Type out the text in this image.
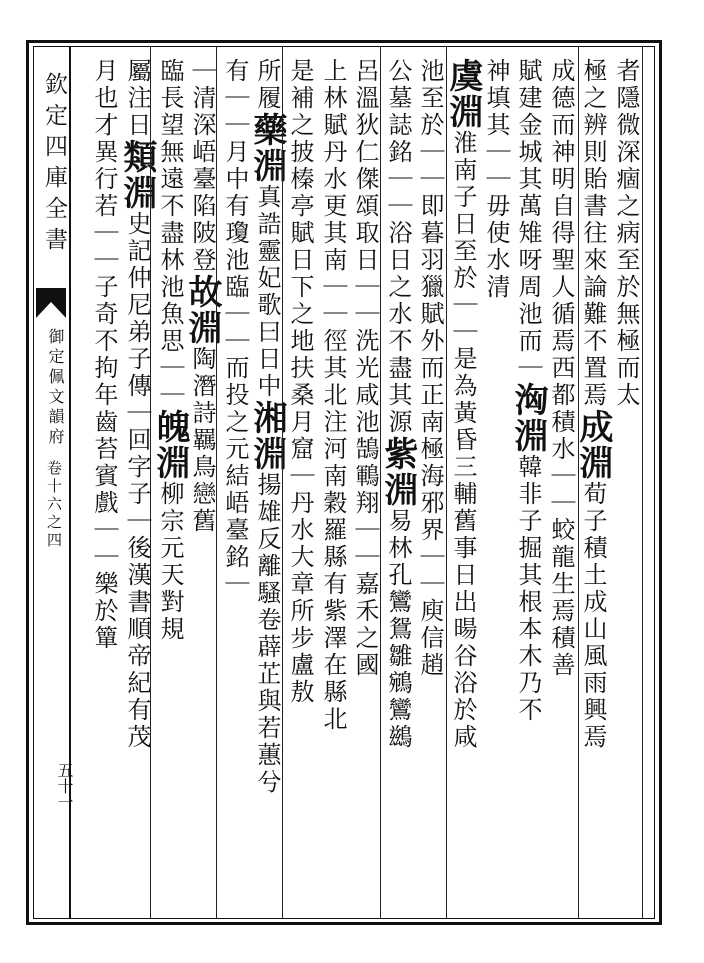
欽定四庫全書
御定佩文韻府
卷十六之四
五十一
者隱微深痼之病至於無極而太
極之辨則貽書往來論難不置焉成淵荀子積土成山風雨興焉
成德而神明自得聖人循焉西都積水｜｜蛟龍生焉積善
賦建金城其萬雉呀周池而｜洶淵韓非子掘其根本木乃不
神填其｜｜毋使水清
虞淵淮南子日至於｜｜是為黃昏三輔舊事日出暘谷浴於咸
池至於｜｜即暮羽獵賦外而正南極海邪界｜｜庾信趙
公墓誌銘｜｜浴日之水不盡其源紫淵易林孔鸞鴛雛鵷鸞鷀
呂溫狄仁傑頌取日｜｜洗光咸池鵠鶤翔｜｜嘉禾之國
上林賦丹水更其南｜｜徑其北注河南穀羅縣有紫澤在縣北
是補之披榛亭賦日下之地扶桑月窟｜丹水大章所步盧敖
所履藥淵真誥靈妃歌曰日中湘淵揚雄反離騷卷薜芷與若蕙兮
有｜｜月中有瓊池臨｜｜而投之元結峿臺銘｜
｜清深峿臺陷陂登故淵陶潛詩羈鳥戀舊
臨長望無遠不盡林池魚思｜｜魄淵柳宗元天對規
屬注日類淵史記仲尼弟子傳｜回字子｜後漢書順帝紀有茂
月也才異行若｜｜子奇不拘年齒苔賓戲｜｜樂於簞
